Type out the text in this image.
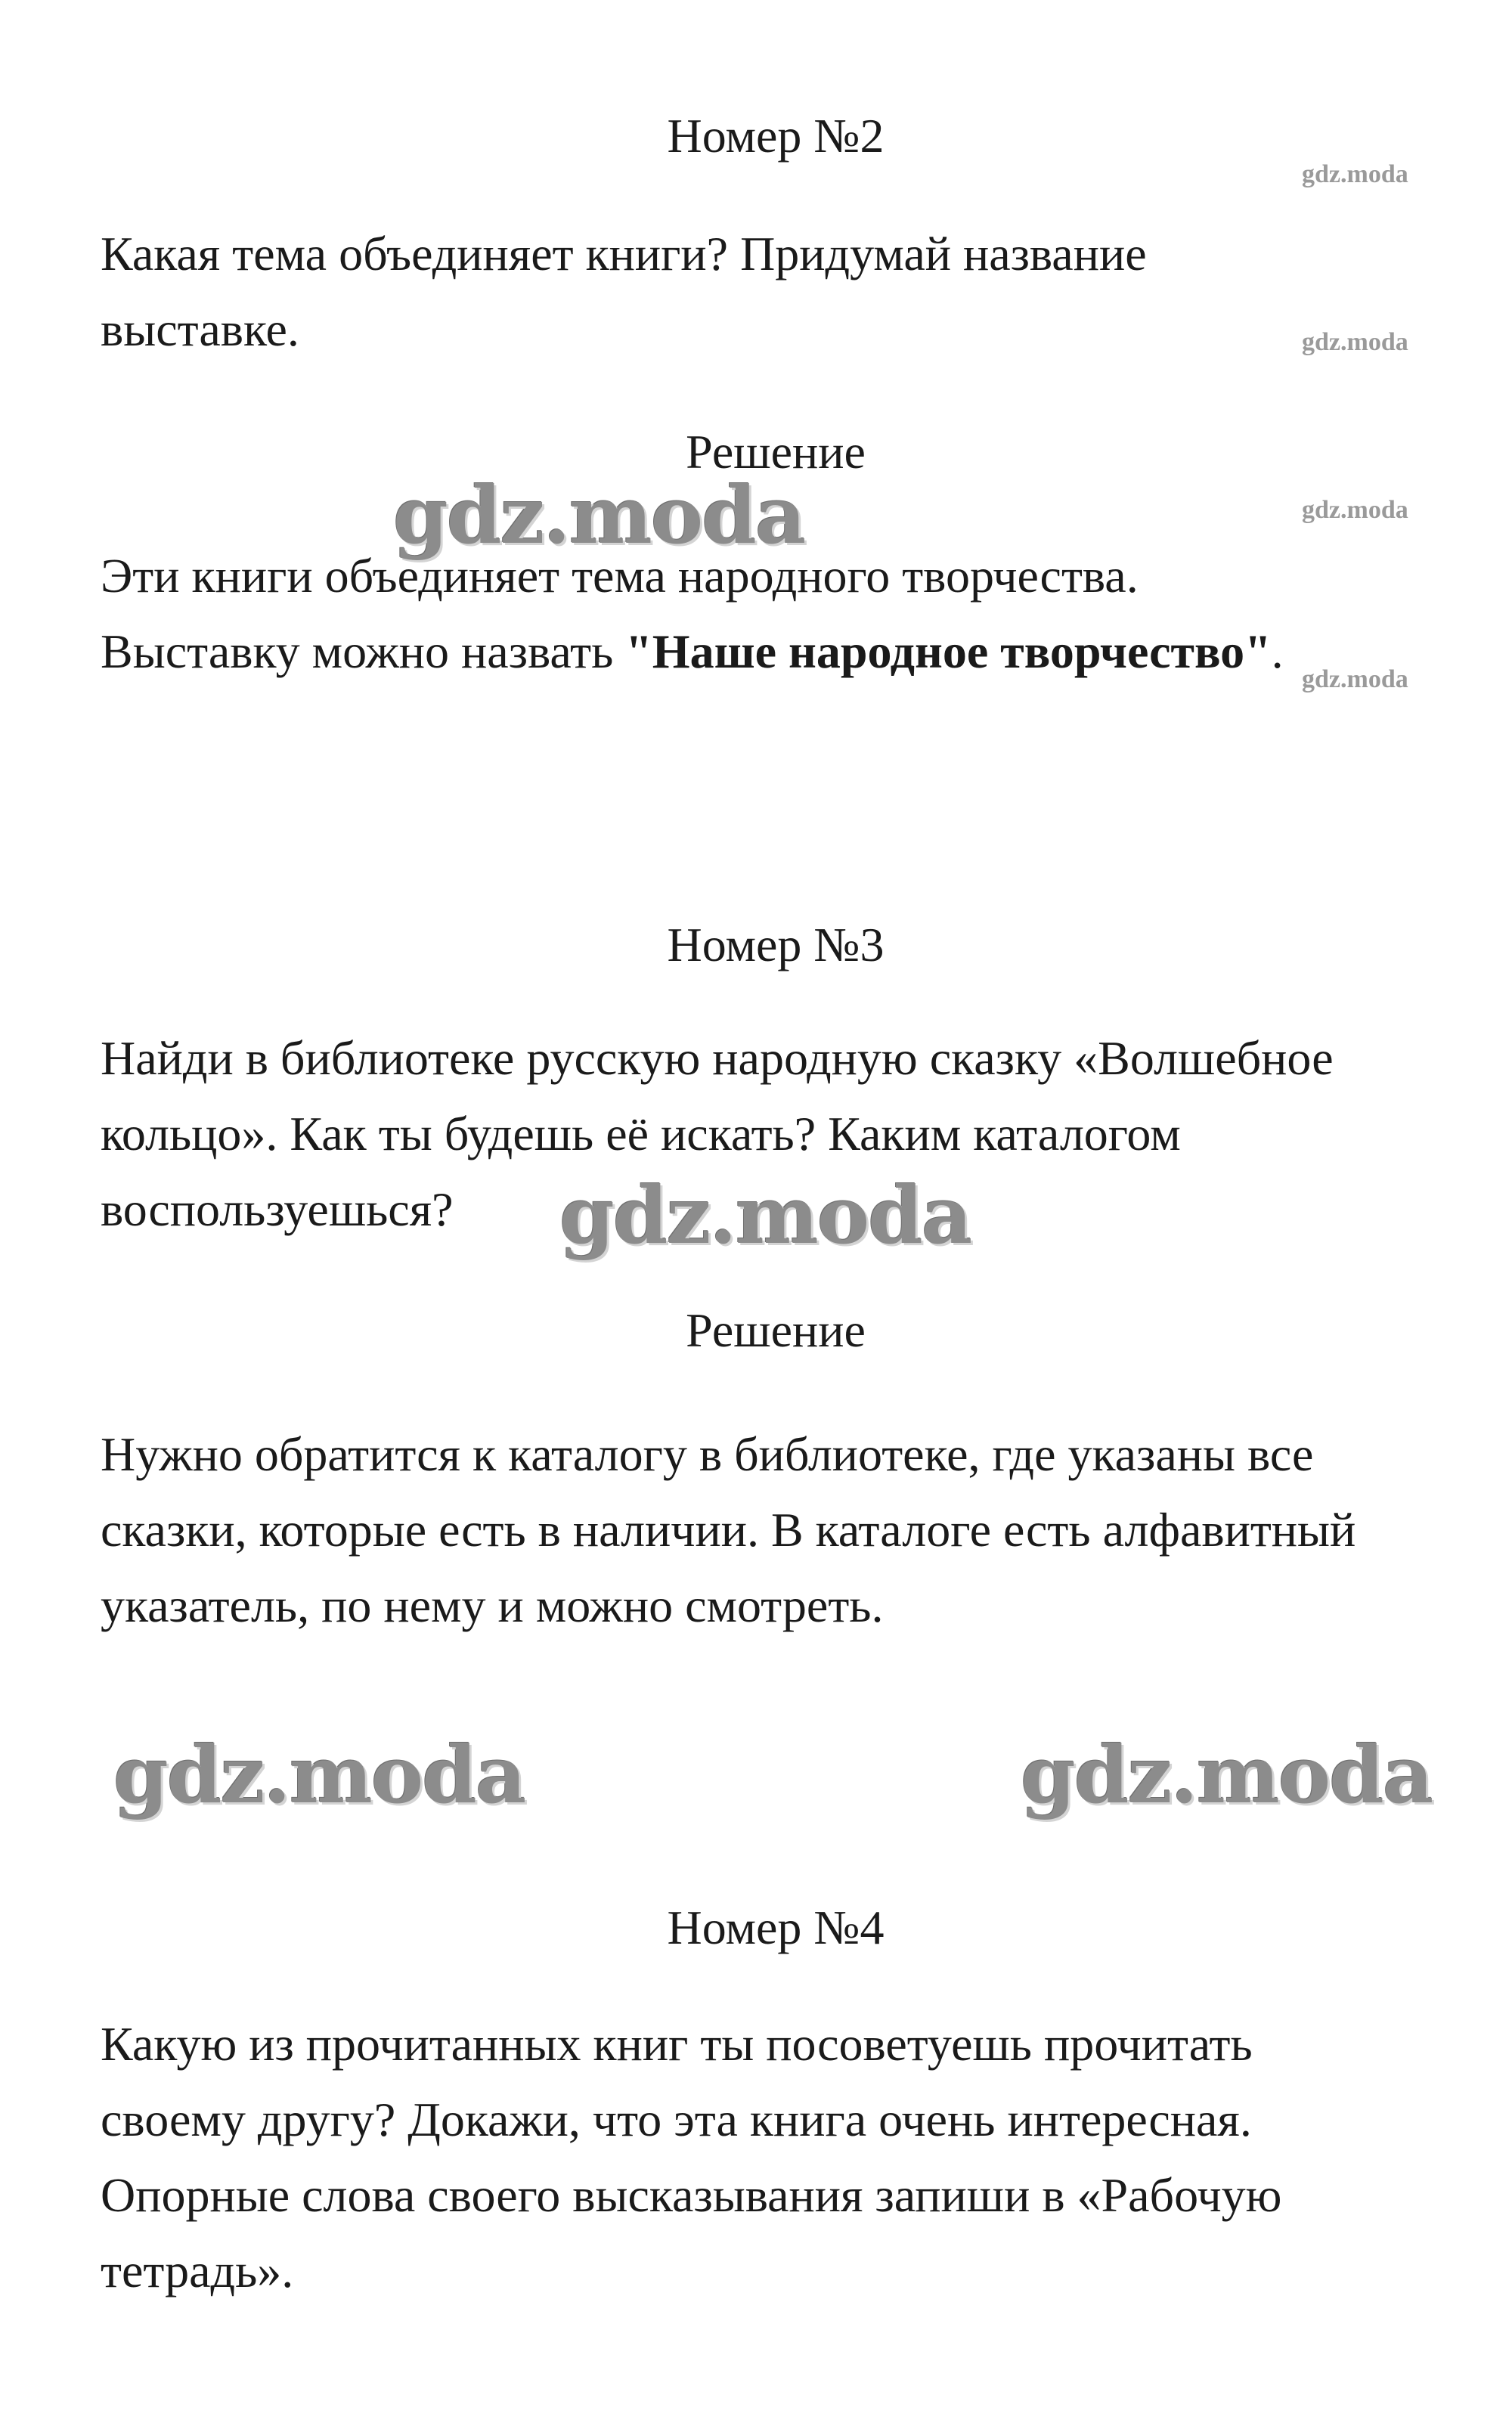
Номер №2

Какая тема объединяет книги? Придумай название

выставке.

Решение

Эти книги объединяет тема народного творчества.

Выставку можно назвать "Наше народное творчество".

Номер №3

Найди в библиотеке русскую народную сказку «Волшебное

кольцо». Как ты будешь её искать? Каким каталогом

воспользуешься?

Решение

Нужно обратится к каталогу в библиотеке, где указаны все

сказки, которые есть в наличии. В каталоге есть алфавитный

указатель, по нему и можно смотреть.

Номер №4

Какую из прочитанных книг ты посоветуешь прочитать

своему другу? Докажи, что эта книга очень интересная.

Опорные слова своего высказывания запиши в «Рабочую

тетрадь».

gdz.moda
gdz.moda
gdz.moda
gdz.moda
gdz.moda
gdz.moda
gdz.moda	gdz.moda
